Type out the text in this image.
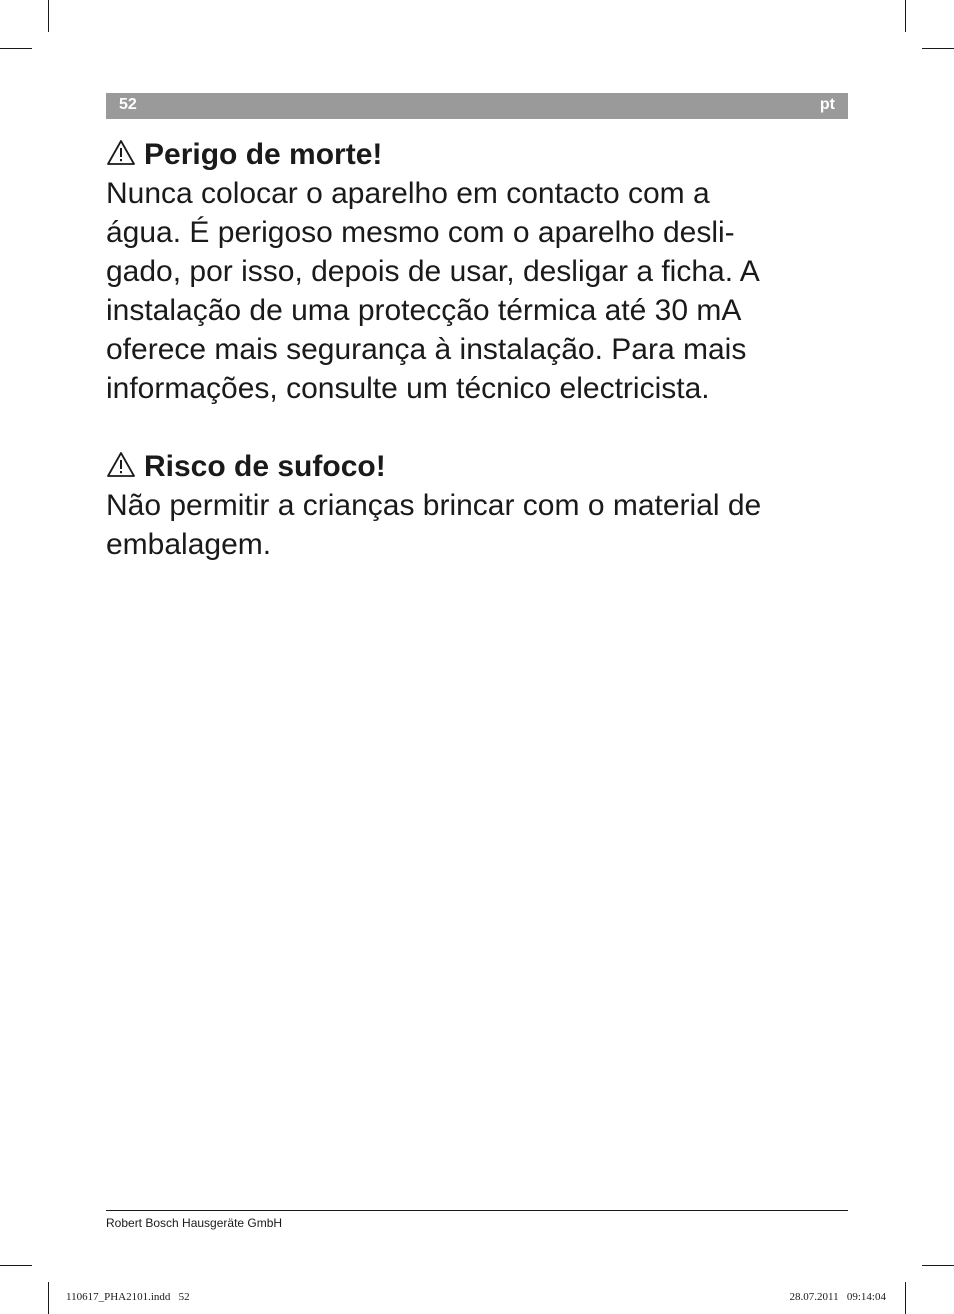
52	pt
Perigo de morte!
Nunca colocar o aparelho em contacto com a
água. É perigoso mesmo com o aparelho desli-
gado, por isso, depois de usar, desligar a ficha. A
instalação de uma protecção térmica até 30 mA
oferece mais segurança à instalação. Para mais
informações, consulte um técnico electricista.
Risco de sufoco!
Não permitir a crianças brincar com o material de
embalagem.
Robert Bosch Hausgeräte GmbH
110617_PHA2101.indd   52	28.07.2011   09:14:04
